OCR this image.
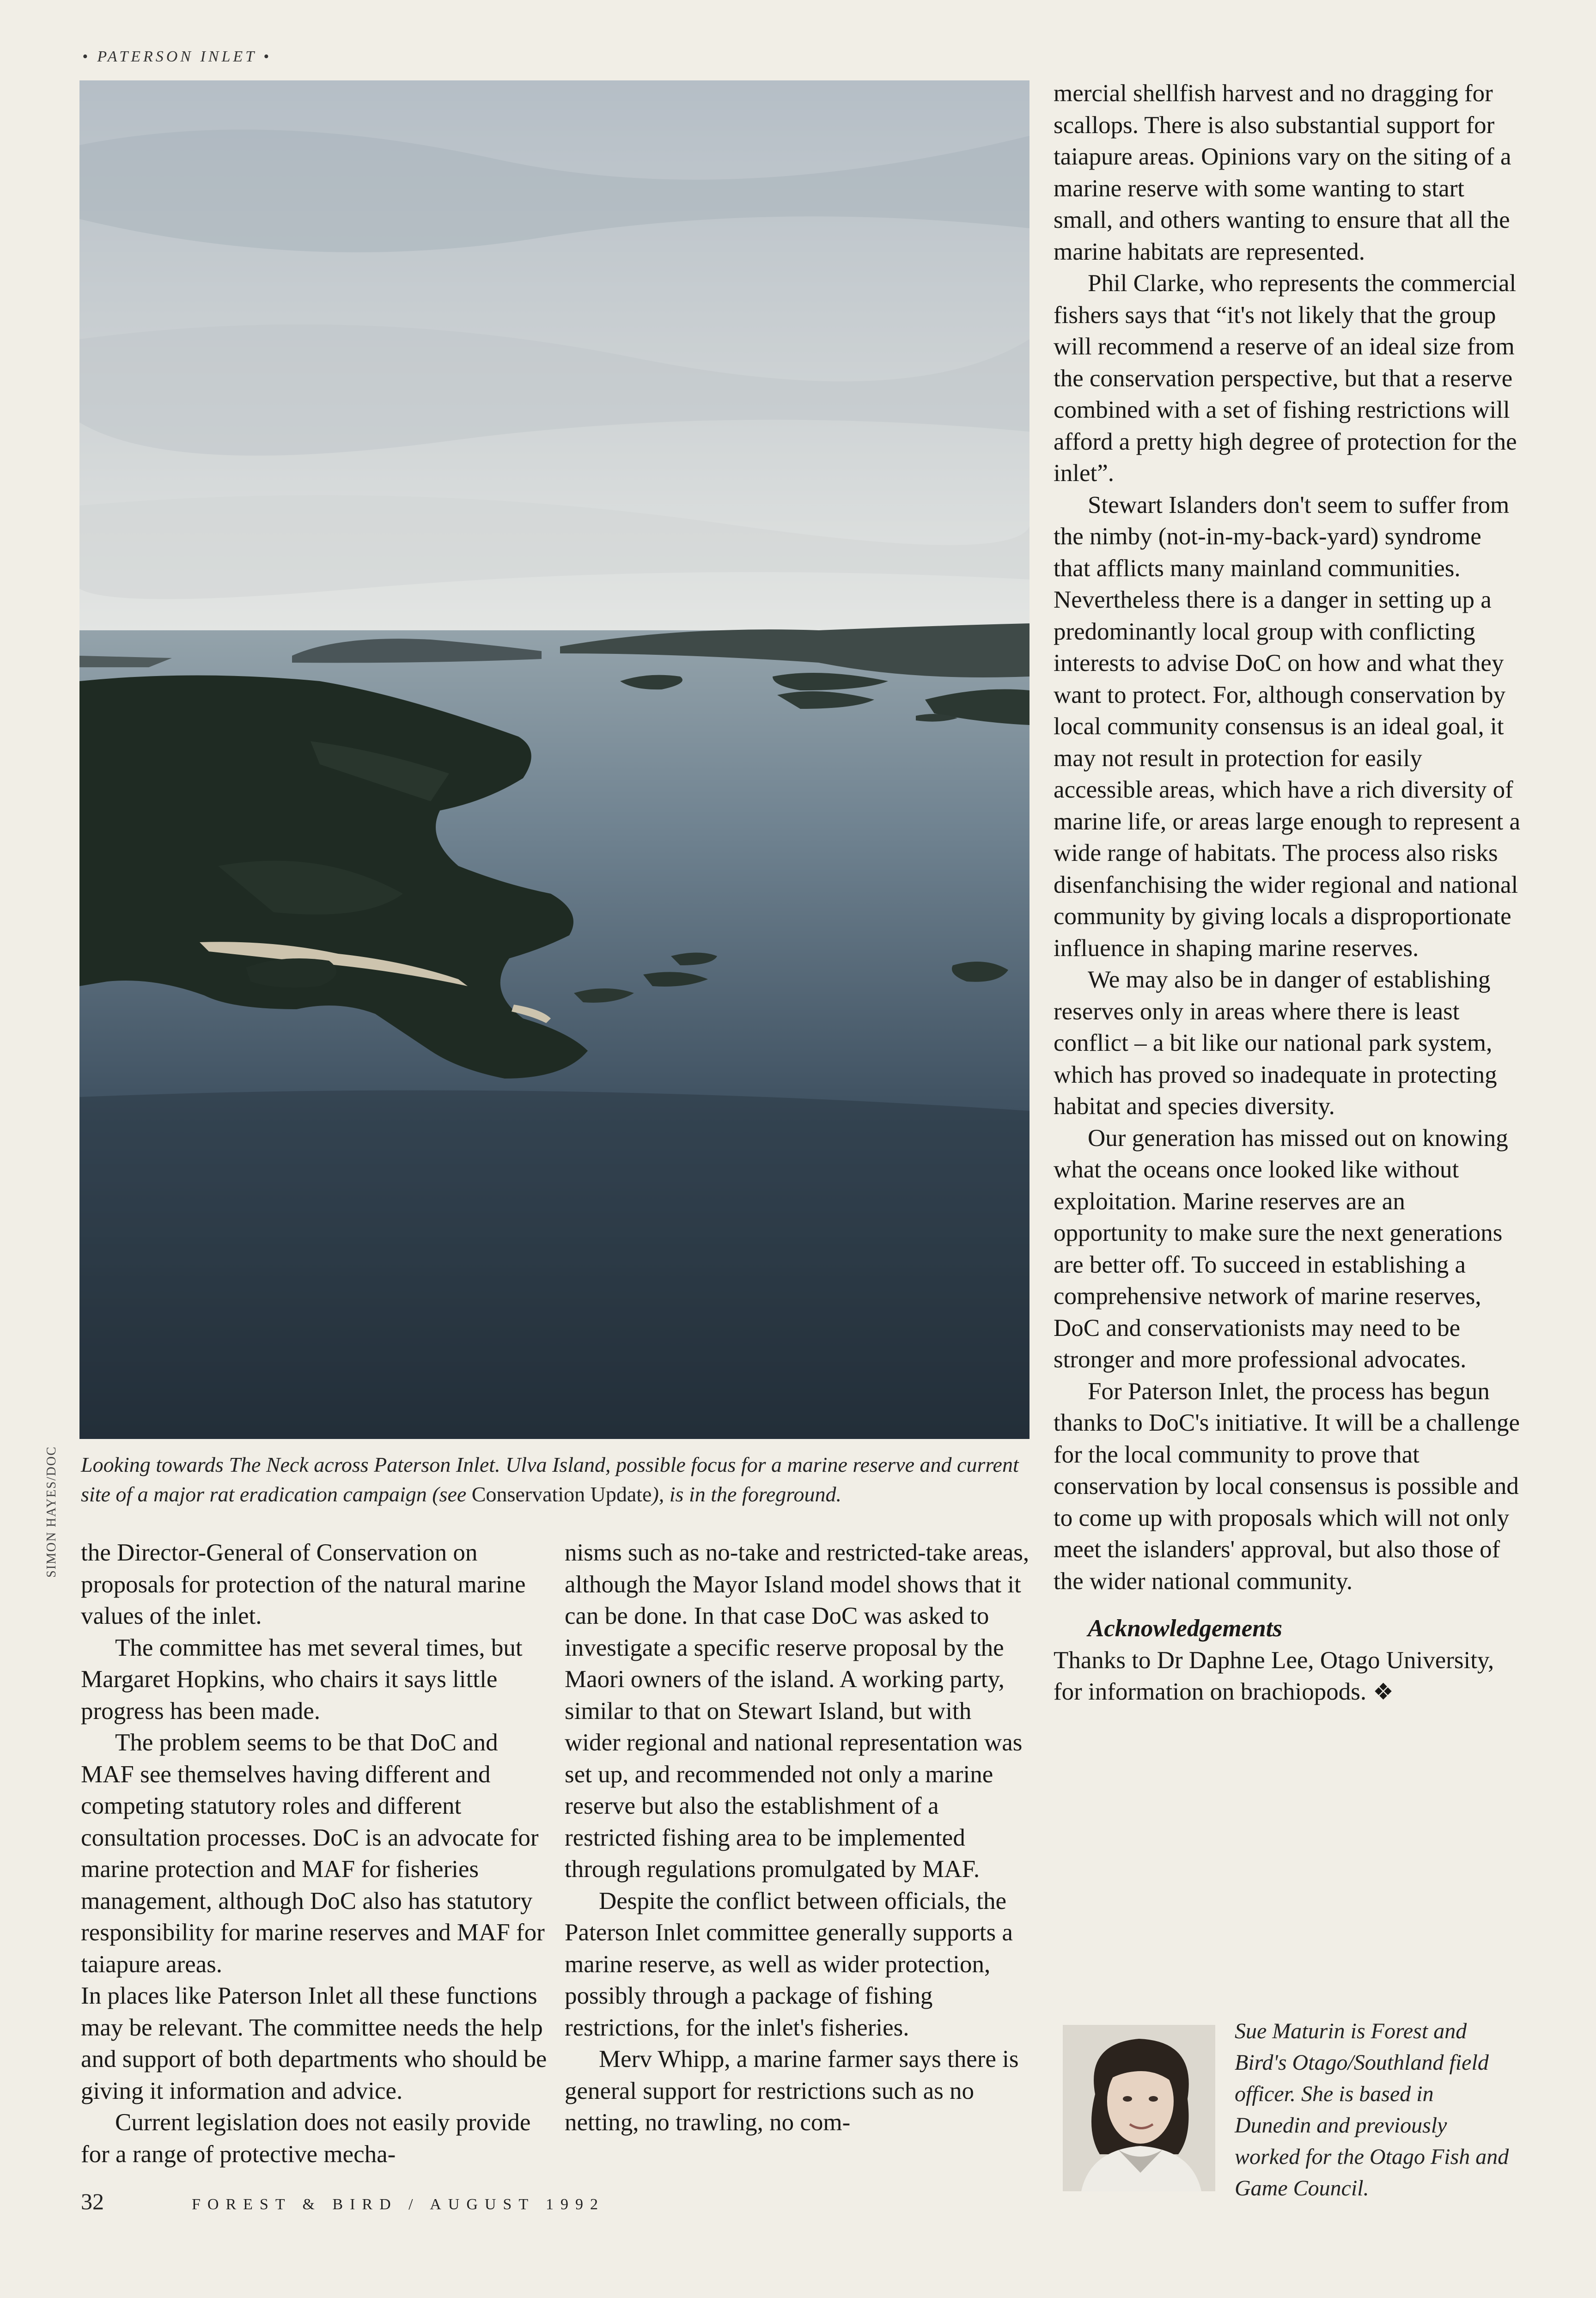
• PATERSON INLET •
SIMON HAYES/DOC Looking towards The Neck across Paterson Inlet. Ulva Island, possible focus for a marine reserve and current site of a major rat eradication campaign (see Conservation Update), is in the foreground.

the Director-General of Conservation on proposals for protection of the natural marine values of the inlet.

The committee has met several times, but Margaret Hopkins, who chairs it says little progress has been made.

The problem seems to be that DoC and MAF see themselves having different and competing statutory roles and different consultation processes. DoC is an advocate for marine protection and MAF for fisheries management, although DoC also has statutory responsibility for marine reserves and MAF for taiapure areas.

In places like Paterson Inlet all these functions may be relevant. The committee needs the help and support of both departments who should be giving it information and advice.

Current legislation does not easily provide for a range of protective mecha-

nisms such as no-take and restricted-take areas, although the Mayor Island model shows that it can be done. In that case DoC was asked to investigate a specific reserve proposal by the Maori owners of the island. A working party, similar to that on Stewart Island, but with wider regional and national representation was set up, and recommended not only a marine reserve but also the establishment of a restricted fishing area to be implemented through regulations promulgated by MAF.

Despite the conflict between officials, the Paterson Inlet committee generally supports a marine reserve, as well as wider protection, possibly through a package of fishing restrictions, for the inlet's fisheries.

Merv Whipp, a marine farmer says there is general support for restrictions such as no netting, no trawling, no com-

mercial shellfish harvest and no dragging for scallops. There is also substantial support for taiapure areas. Opinions vary on the siting of a marine reserve with some wanting to start small, and others wanting to ensure that all the marine habitats are represented.

Phil Clarke, who represents the commercial fishers says that “it's not likely that the group will recommend a reserve of an ideal size from the conservation perspective, but that a reserve combined with a set of fishing restrictions will afford a pretty high degree of protection for the inlet”.

Stewart Islanders don't seem to suffer from the nimby (not-in-my-back-yard) syndrome that afflicts many mainland communities. Nevertheless there is a danger in setting up a predominantly local group with conflicting interests to advise DoC on how and what they want to protect. For, although conservation by local community consensus is an ideal goal, it may not result in protection for easily accessible areas, which have a rich diversity of marine life, or areas large enough to represent a wide range of habitats. The process also risks disenfanchising the wider regional and national community by giving locals a disproportionate influence in shaping marine reserves.

We may also be in danger of establishing reserves only in areas where there is least conflict – a bit like our national park system, which has proved so inadequate in protecting habitat and species diversity.

Our generation has missed out on knowing what the oceans once looked like without exploitation. Marine reserves are an opportunity to make sure the next generations are better off. To succeed in establishing a comprehensive network of marine reserves, DoC and conservationists may need to be stronger and more professional advocates.

For Paterson Inlet, the process has begun thanks to DoC's initiative. It will be a challenge for the local community to prove that conservation by local consensus is possible and to come up with proposals which will not only meet the islanders' approval, but also those of the wider national community.

Acknowledgements

Thanks to Dr Daphne Lee, Otago University, for information on brachiopods. ❖
Sue Maturin is Forest and Bird's Otago/Southland field officer. She is based in Dunedin and previously worked for the Otago Fish and Game Council.
32	FOREST & BIRD / AUGUST 1992
